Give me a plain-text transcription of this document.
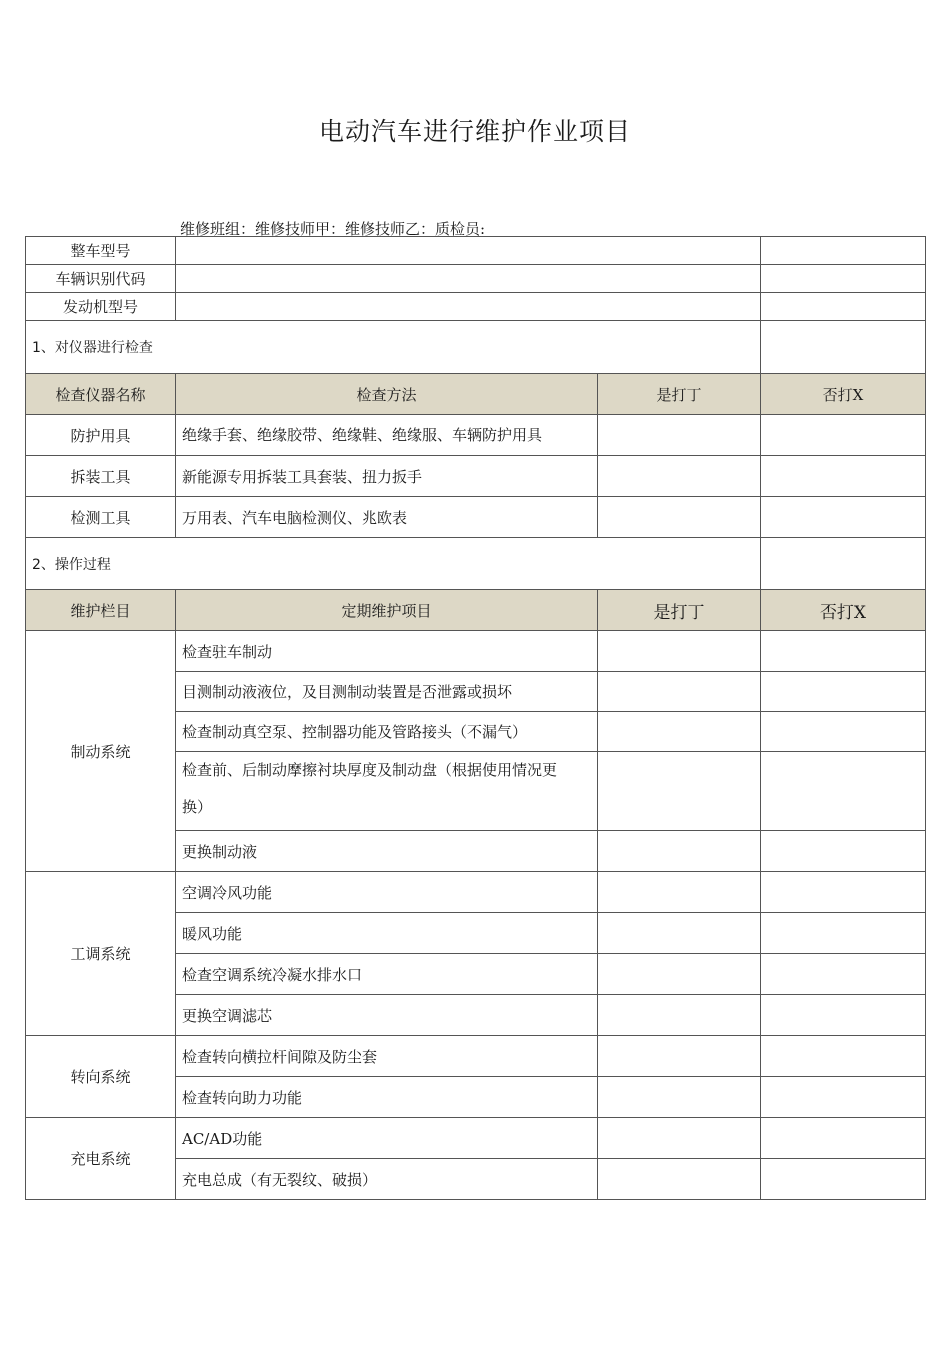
电动汽车进行维护作业项目
维修班组：维修技师甲：维修技师乙：质检员:
整车型号			
车辆识别代码			
发动机型号			
1、对仪器进行检查			
检查仪器名称	检查方法	是打丁	否打X
防护用具	绝缘手套、绝缘胶带、绝缘鞋、绝缘服、车辆防护用具		
拆装工具	新能源专用拆装工具套装、扭力扳手		
检测工具	万用表、汽车电脑检测仪、兆欧表		
2、操作过程			
维护栏目	定期维护项目	是打丁	否打X
制动系统	检查驻车制动		
	目测制动液液位，及目测制动装置是否泄露或损坏		
	检查制动真空泵、控制器功能及管路接头（不漏气）		

	检查前、后制动摩擦衬块厚度及制动盘（根据使用情况更
换）		

	更换制动液		
工调系统	空调冷风功能		
	暖风功能		
	检查空调系统冷凝水排水口		
	更换空调滤芯		
转向系统	检查转向横拉杆间隙及防尘套		
	检查转向助力功能		
充电系统	AC/AD功能		
	充电总成（有无裂纹、破损）		
